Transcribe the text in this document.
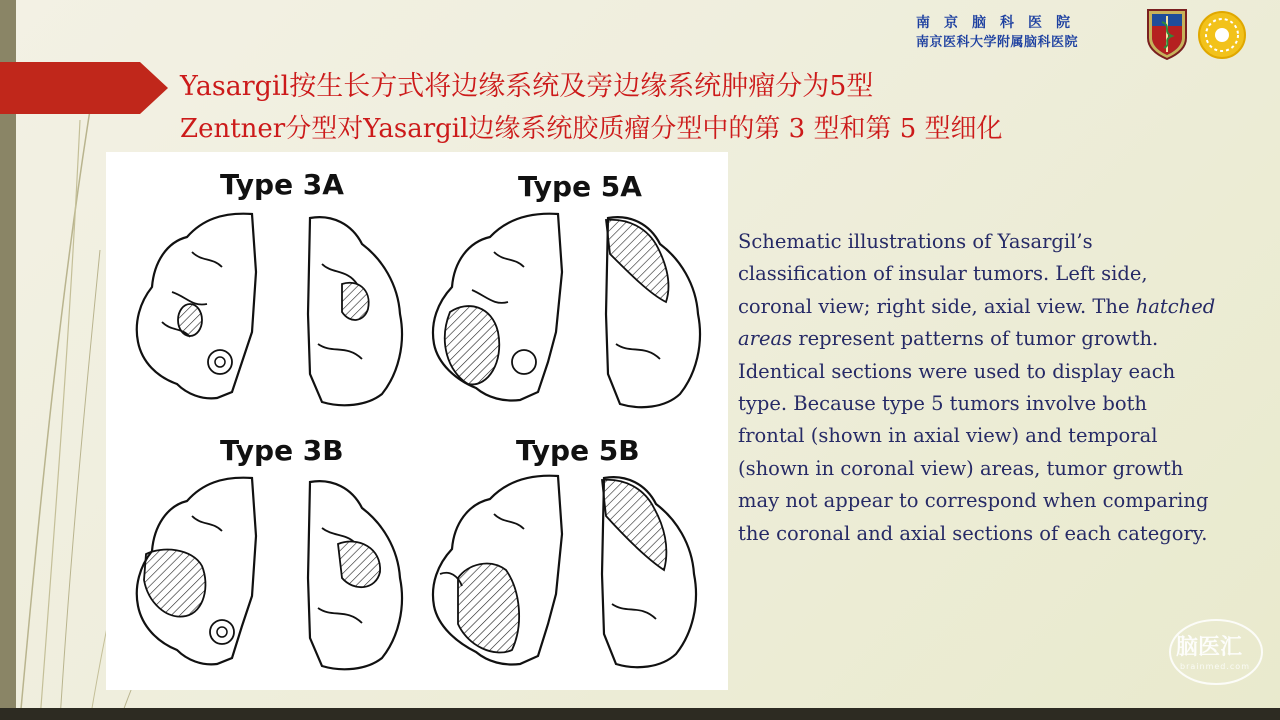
南京脑科医院
南京医科大学附属脑科医院
Yasargil按生长方式将边缘系统及旁边缘系统肿瘤分为5型
Zentner分型对Yasargil边缘系统胶质瘤分型中的第 3 型和第 5 型细化
Type 3A	Type 5A
Type 3B	Type 5B
Schematic illustrations of Yasargil’s classification of insular tumors. Left side, coronal view; right side, axial view. The hatched areas represent patterns of tumor growth. Identical sections were used to display each type. Because type 5 tumors involve both frontal (shown in axial view) and temporal (shown in coronal view) areas, tumor growth may not appear to correspond when comparing the coronal and axial sections of each category.
脑医汇
brainmed.com
